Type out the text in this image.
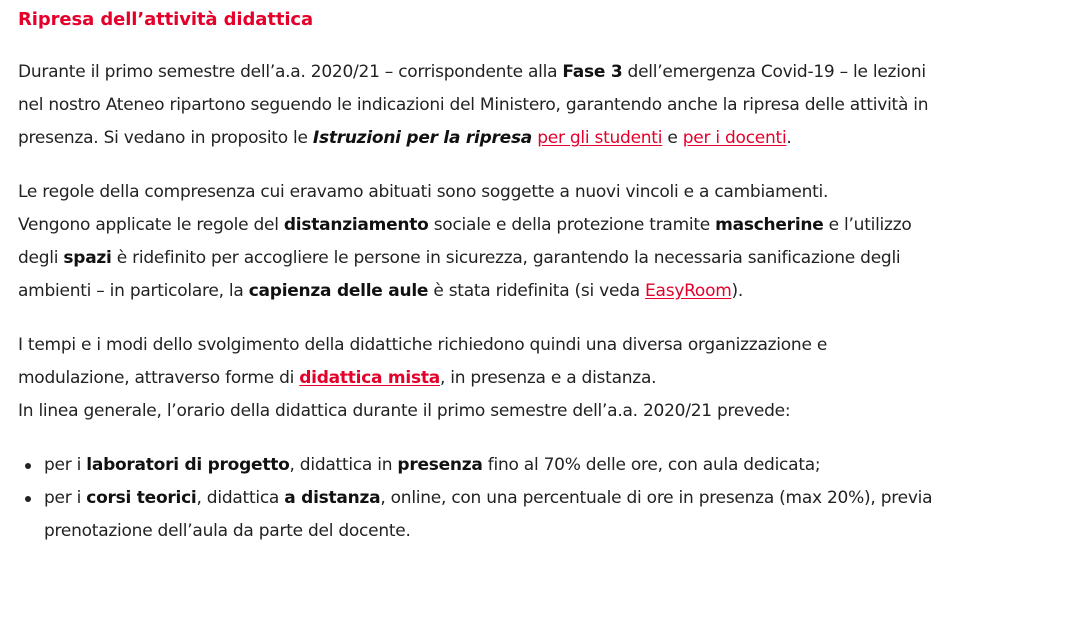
Ripresa dell’attività didattica

Durante il primo semestre dell’a.a. 2020/21 – corrispondente alla Fase 3 dell’emergenza Covid-19 – le lezioni
nel nostro Ateneo ripartono seguendo le indicazioni del Ministero, garantendo anche la ripresa delle attività in
presenza. Si vedano in proposito le Istruzioni per la ripresa per gli studenti e per i docenti.

Le regole della compresenza cui eravamo abituati sono soggette a nuovi vincoli e a cambiamenti.
Vengono applicate le regole del distanziamento sociale e della protezione tramite mascherine e l’utilizzo
degli spazi è ridefinito per accogliere le persone in sicurezza, garantendo la necessaria sanificazione degli
ambienti – in particolare, la capienza delle aule è stata ridefinita (si veda EasyRoom).

I tempi e i modi dello svolgimento della didattiche richiedono quindi una diversa organizzazione e
modulazione, attraverso forme di didattica mista, in presenza e a distanza.
In linea generale, l’orario della didattica durante il primo semestre dell’a.a. 2020/21 prevede:

per i laboratori di progetto, didattica in presenza fino al 70% delle ore, con aula dedicata;
per i corsi teorici, didattica a distanza, online, con una percentuale di ore in presenza (max 20%), previa
prenotazione dell’aula da parte del docente.
